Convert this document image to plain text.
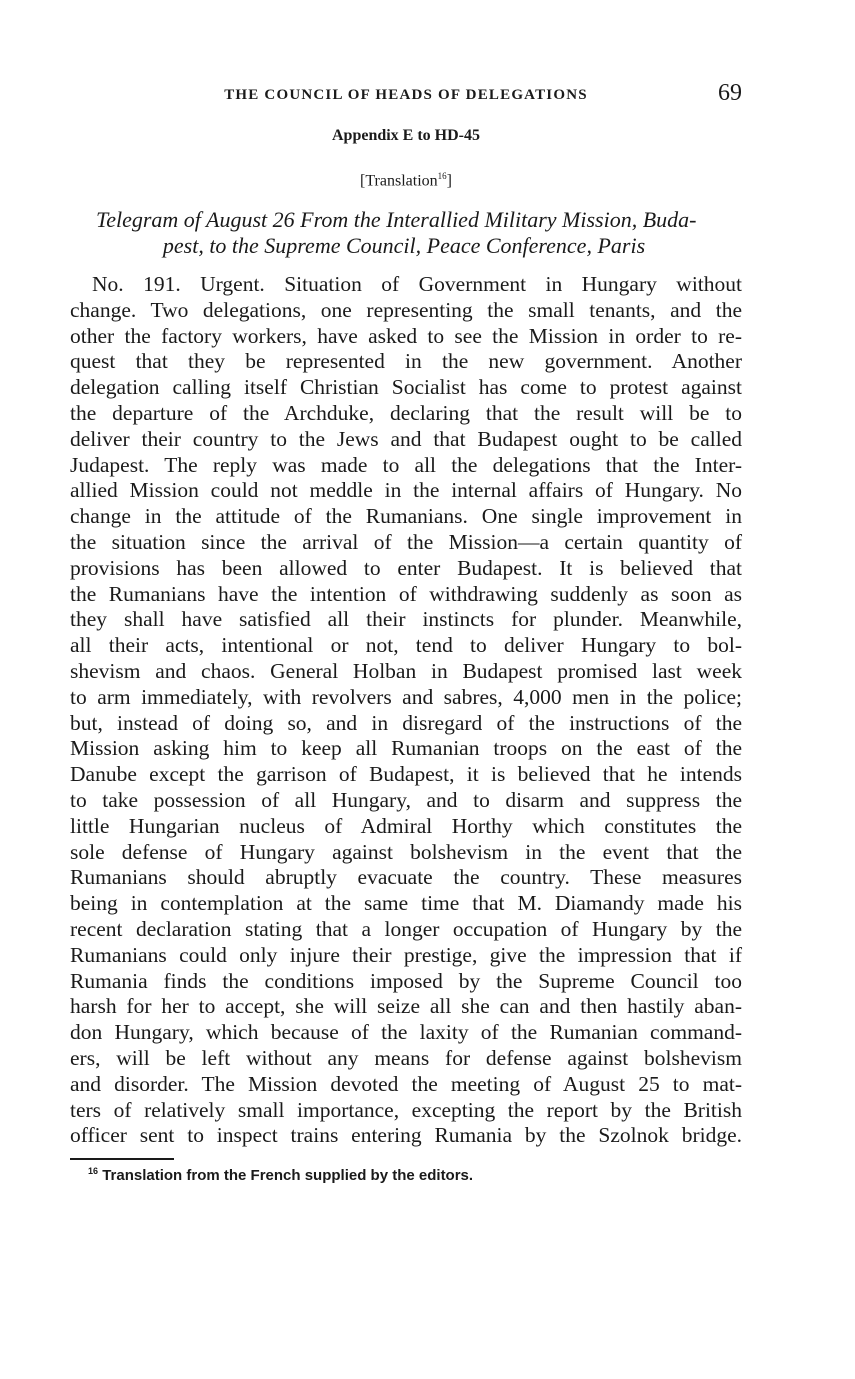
THE COUNCIL OF HEADS OF DELEGATIONS	69
Appendix E to HD-45
[Translation$^{16}$]
Telegram of August 26 From the Interallied Military Mission, Buda-
pest, to the Supreme Council, Peace Conference, Paris
No. 191. Urgent. Situation of Government in Hungary without
change. Two delegations, one representing the small tenants, and the
other the factory workers, have asked to see the Mission in order to re-
quest that they be represented in the new government. Another
delegation calling itself Christian Socialist has come to protest against
the departure of the Archduke, declaring that the result will be to
deliver their country to the Jews and that Budapest ought to be called
Judapest. The reply was made to all the delegations that the Inter-
allied Mission could not meddle in the internal affairs of Hungary. No
change in the attitude of the Rumanians. One single improvement in
the situation since the arrival of the Mission—a certain quantity of
provisions has been allowed to enter Budapest. It is believed that
the Rumanians have the intention of withdrawing suddenly as soon as
they shall have satisfied all their instincts for plunder. Meanwhile,
all their acts, intentional or not, tend to deliver Hungary to bol-
shevism and chaos. General Holban in Budapest promised last week
to arm immediately, with revolvers and sabres, 4,000 men in the police;
but, instead of doing so, and in disregard of the instructions of the
Mission asking him to keep all Rumanian troops on the east of the
Danube except the garrison of Budapest, it is believed that he intends
to take possession of all Hungary, and to disarm and suppress the
little Hungarian nucleus of Admiral Horthy which constitutes the
sole defense of Hungary against bolshevism in the event that the
Rumanians should abruptly evacuate the country. These measures
being in contemplation at the same time that M. Diamandy made his
recent declaration stating that a longer occupation of Hungary by the
Rumanians could only injure their prestige, give the impression that if
Rumania finds the conditions imposed by the Supreme Council too
harsh for her to accept, she will seize all she can and then hastily aban-
don Hungary, which because of the laxity of the Rumanian command-
ers, will be left without any means for defense against bolshevism
and disorder. The Mission devoted the meeting of August 25 to mat-
ters of relatively small importance, excepting the report by the British
officer sent to inspect trains entering Rumania by the Szolnok bridge.
$^{16}$ Translation from the French supplied by the editors.
